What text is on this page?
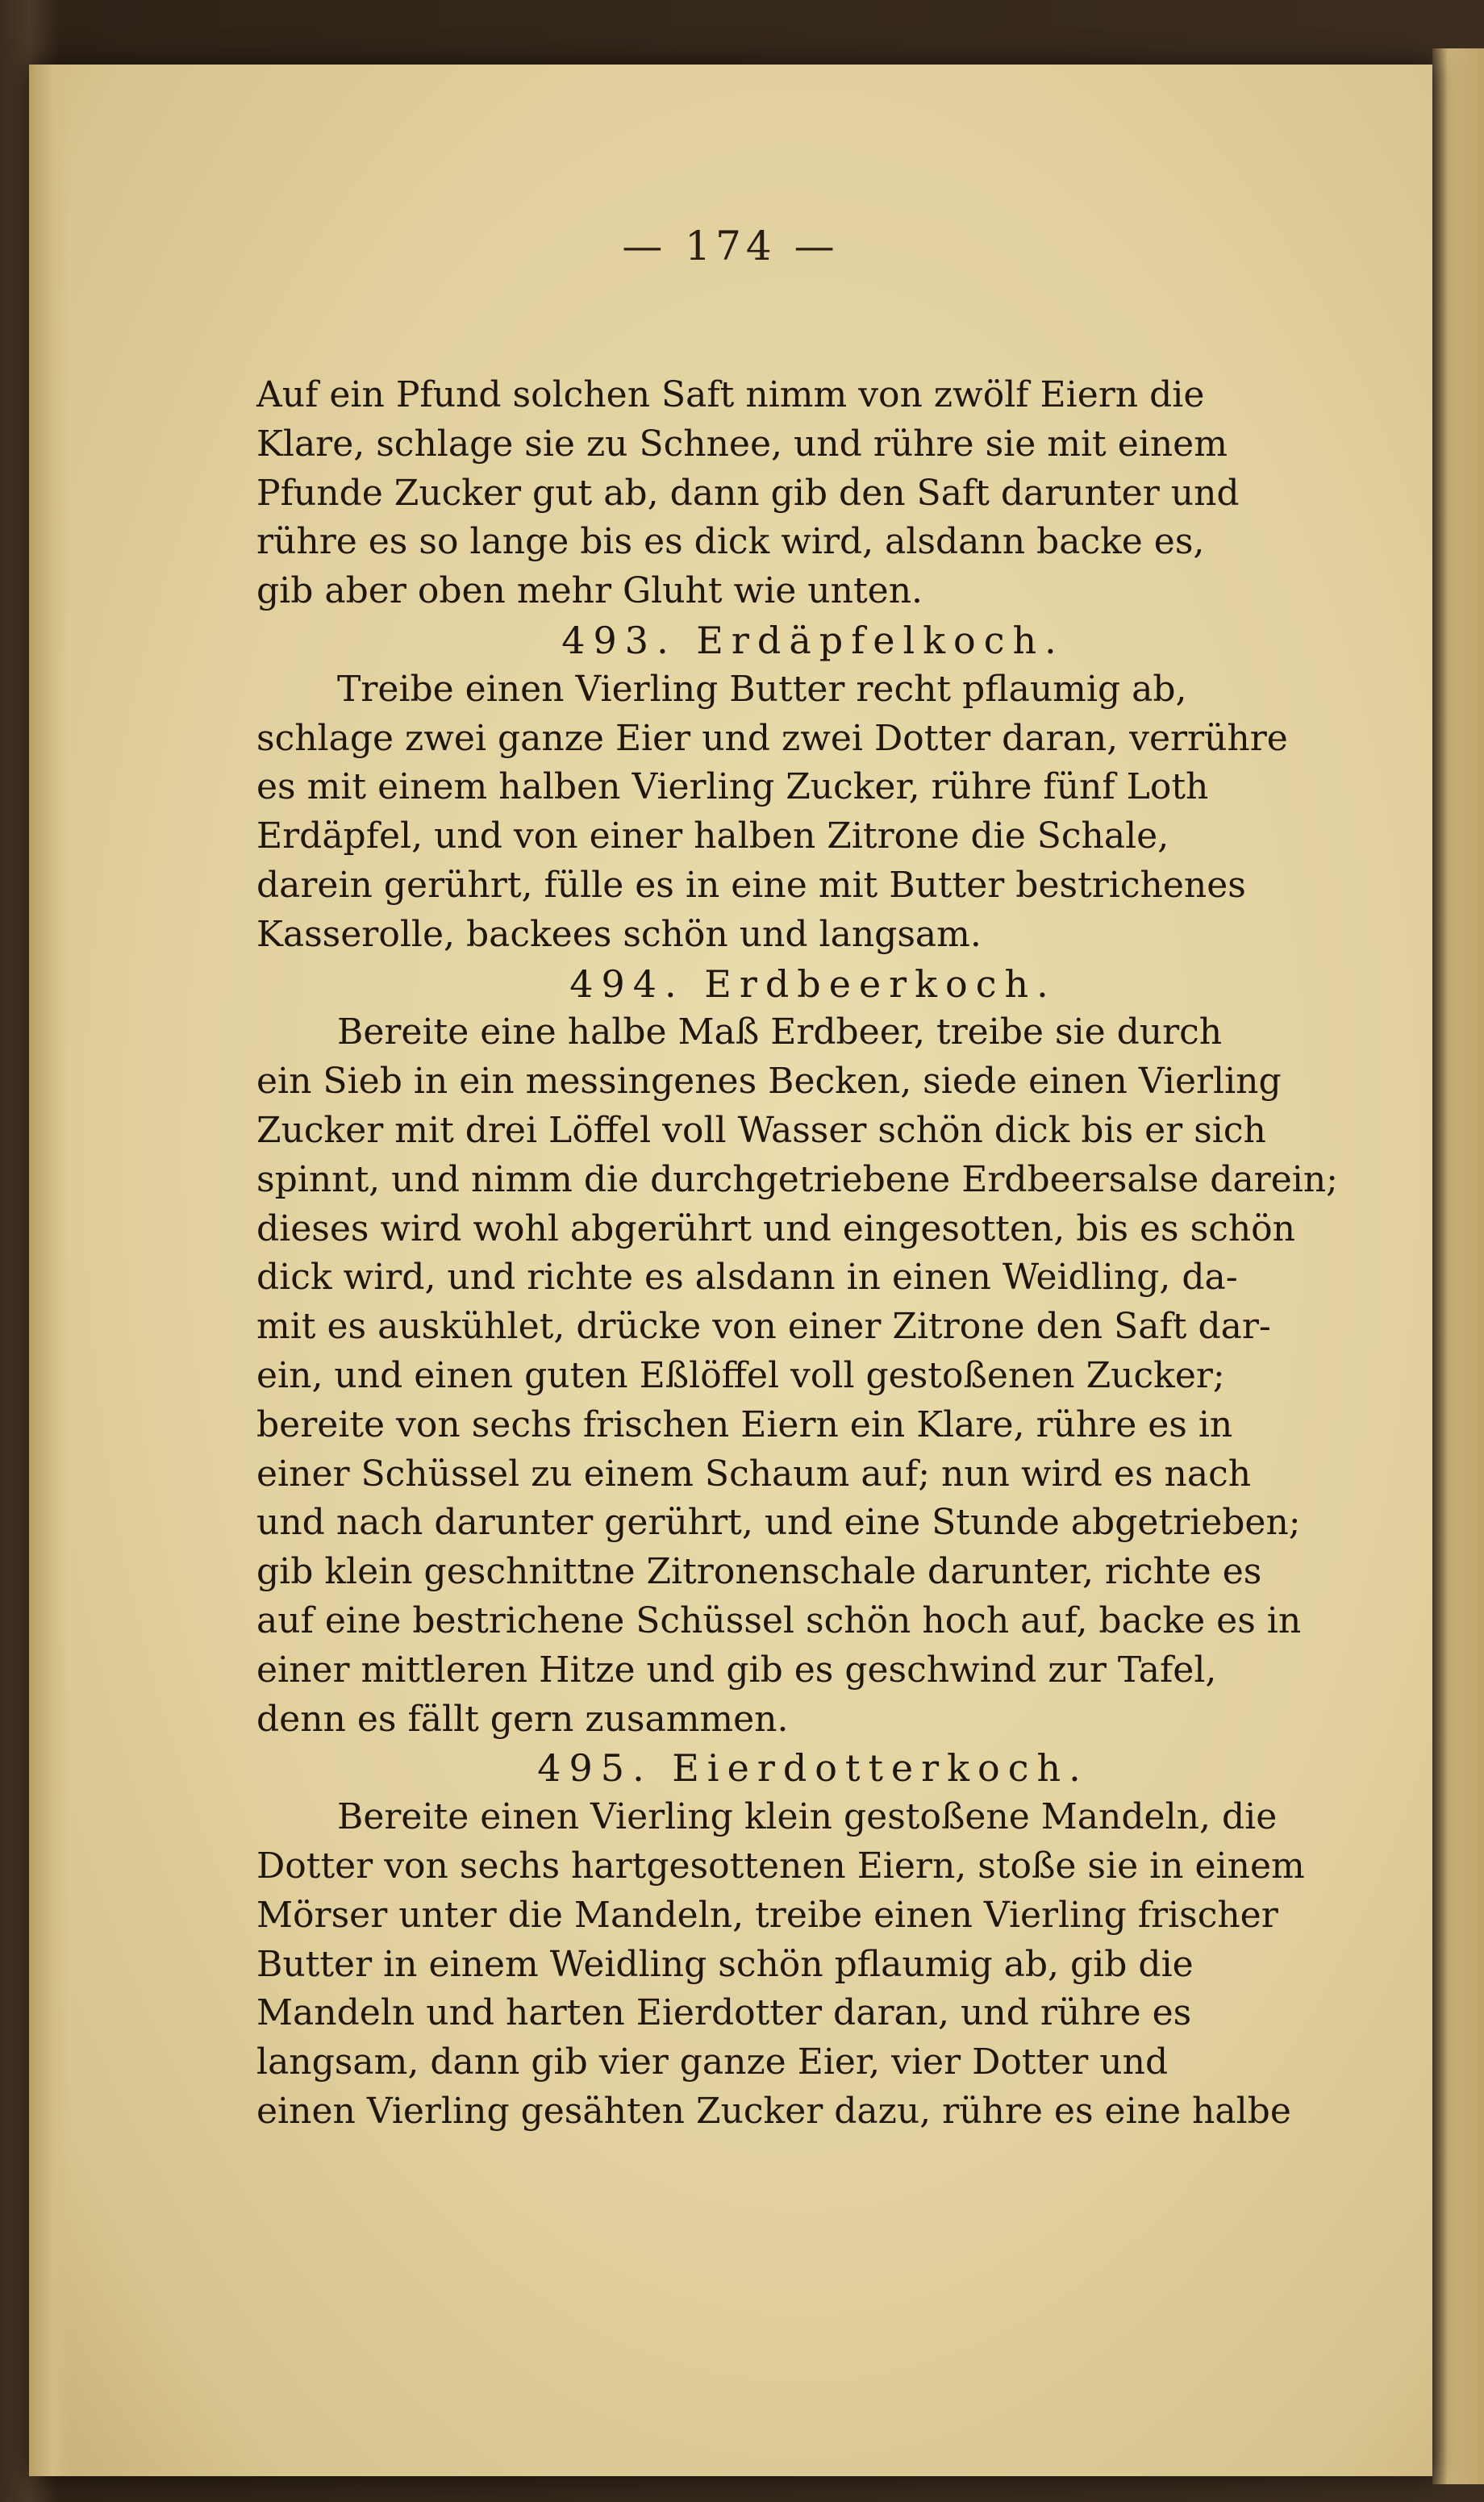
— 174 —
Auf ein Pfund solchen Saft nimm von zwölf Eiern die
Klare, schlage sie zu Schnee, und rühre sie mit einem
Pfunde Zucker gut ab, dann gib den Saft darunter und
rühre es so lange bis es dick wird, alsdann backe es,
gib aber oben mehr Gluht wie unten.
493. Erdäpfelkoch.
Treibe einen Vierling Butter recht pflaumig ab,
schlage zwei ganze Eier und zwei Dotter daran, verrühre
es mit einem halben Vierling Zucker, rühre fünf Loth
Erdäpfel, und von einer halben Zitrone die Schale,
darein gerührt, fülle es in eine mit Butter bestrichenes
Kasserolle, backees schön und langsam.
494. Erdbeerkoch.
Bereite eine halbe Maß Erdbeer, treibe sie durch
ein Sieb in ein messingenes Becken, siede einen Vierling
Zucker mit drei Löffel voll Wasser schön dick bis er sich
spinnt, und nimm die durchgetriebene Erdbeersalse darein;
dieses wird wohl abgerührt und eingesotten, bis es schön
dick wird, und richte es alsdann in einen Weidling, da-
mit es auskühlet, drücke von einer Zitrone den Saft dar-
ein, und einen guten Eßlöffel voll gestoßenen Zucker;
bereite von sechs frischen Eiern ein Klare, rühre es in
einer Schüssel zu einem Schaum auf; nun wird es nach
und nach darunter gerührt, und eine Stunde abgetrieben;
gib klein geschnittne Zitronenschale darunter, richte es
auf eine bestrichene Schüssel schön hoch auf, backe es in
einer mittleren Hitze und gib es geschwind zur Tafel,
denn es fällt gern zusammen.
495. Eierdotterkoch.
Bereite einen Vierling klein gestoßene Mandeln, die
Dotter von sechs hartgesottenen Eiern, stoße sie in einem
Mörser unter die Mandeln, treibe einen Vierling frischer
Butter in einem Weidling schön pflaumig ab, gib die
Mandeln und harten Eierdotter daran, und rühre es
langsam, dann gib vier ganze Eier, vier Dotter und
einen Vierling gesähten Zucker dazu, rühre es eine halbe
